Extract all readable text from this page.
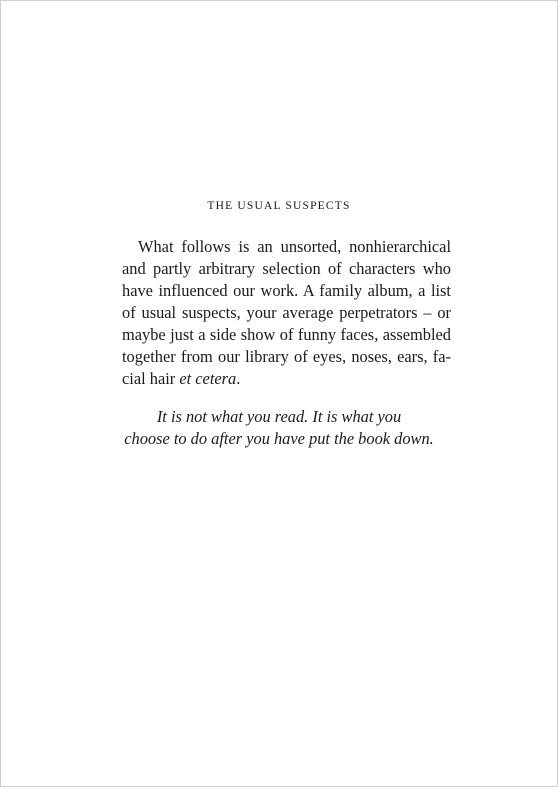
THE USUAL SUSPECTS
What follows is an unsorted, nonhierarchical
and partly arbitrary selection of characters who
have influenced our work. A family album, a list
of usual suspects, your average perpetrators – or
maybe just a side show of funny faces, assembled
together from our library of eyes, noses, ears, fa-
cial hair et cetera.
It is not what you read. It is what you
choose to do after you have put the book down.
